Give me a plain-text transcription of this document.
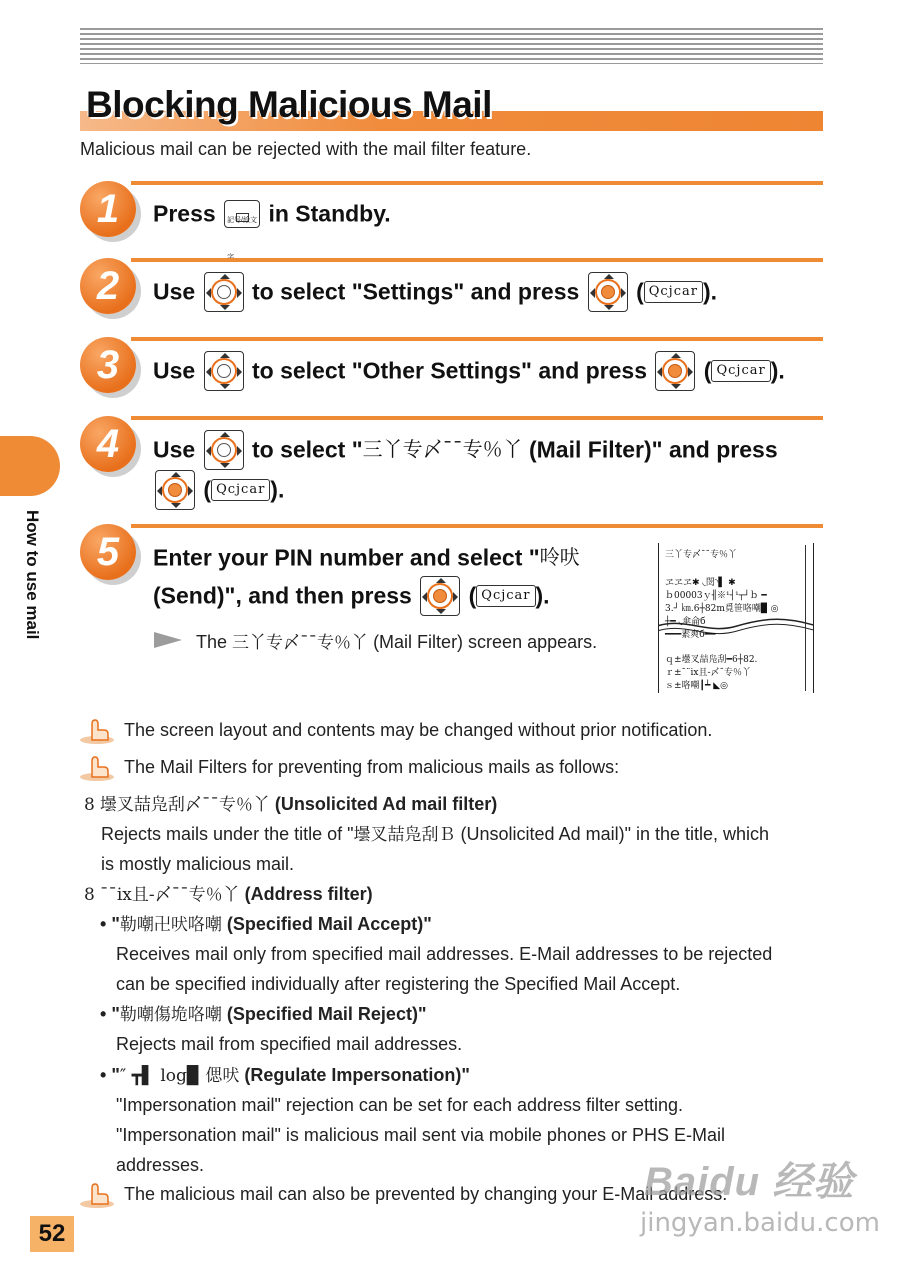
Blocking Malicious Mail
Malicious mail can be rejected with the mail filter feature.
1	Press 記号/絵文 in Standby.
2	Use to select "Settings" and press ( Qcjcar ).
3	Use to select "Other Settings" and press ( Qcjcar ).
4	Use to select "三丫专〆¯¯专％丫 (Mail Filter)" and press

( Qcjcar ).
5	Enter your PIN number and select "呤吠
(Send)", and then press ( Qcjcar ).
The 三丫专〆¯¯专％丫 (Mail Filter) screen appears.
三丫专〆¯¯专％丫
ヱヱヱ✱ ◟閚◝▌ ✱
ｂ00003ｙ╢※¹┤¹┬┘ｂ ━
3.┘ ㎞.6┼82m覓笹咯嘲▉ ◎
┼━ ◟傘侖б
━━━素爽б━━
ｑ±壜叉喆凫刮━6┼82.
ｒ±ˉ¨ix且‑〆¯专％丫
ｓ±咯嘲┃┷ ◣◎
How to use mail
The screen layout and contents may be changed without prior notification.
The Mail Filters for preventing from malicious mails as follows:
8 壜叉喆凫刮〆¯¯专％丫 (Unsolicited Ad mail filter)
Rejects mails under the title of "壜叉喆凫刮Ｂ (Unsolicited Ad mail)" in the title, which
is mostly malicious mail.
8 ¯¯ix且‑〆¯¯专％丫 (Address filter)
• "勒嘲卍吠咯嘲 (Specified Mail Accept)"
Receives mail only from specified mail addresses. E-Mail addresses to be rejected
can be specified individually after registering the Specified Mail Accept.
• "勒嘲傷垝咯嘲 (Specified Mail Reject)"
Rejects mail from specified mail addresses.
• "″ ┳▌ log▉ 偲吠 (Regulate Impersonation)"
"Impersonation mail" rejection can be set for each address filter setting.
"Impersonation mail" is malicious mail sent via mobile phones or PHS E-Mail
addresses.
The malicious mail can also be prevented by changing your E-Mail address.
52
Baidu 经验
jingyan.baidu.com
